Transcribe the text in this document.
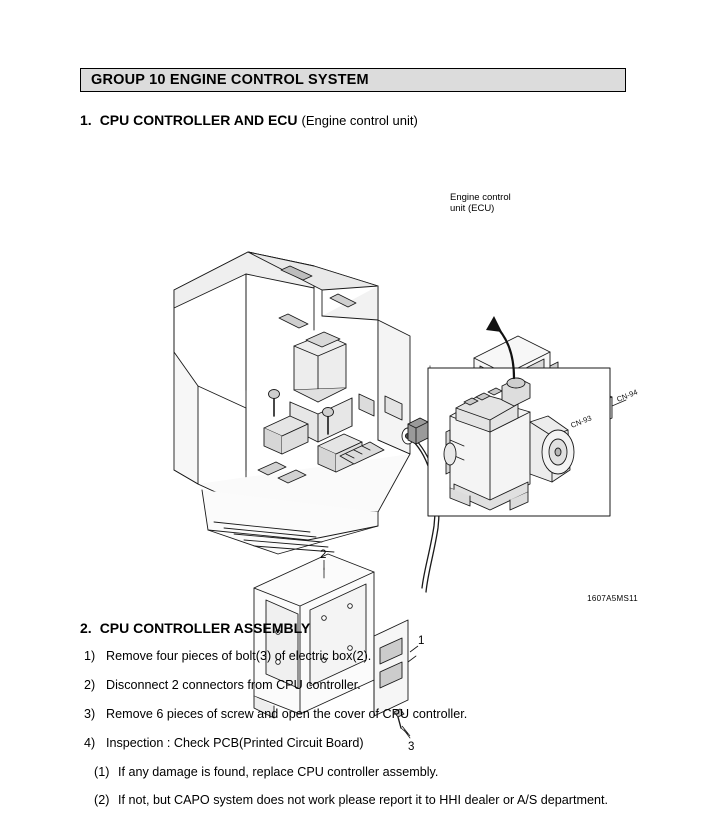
GROUP 10 ENGINE CONTROL SYSTEM
1. CPU CONTROLLER AND ECU (Engine control unit)
CN-93
CN-94
2
1
3
Engine control
unit (ECU)
1607A5MS11
2. CPU CONTROLLER ASSEMBLY
1) Remove four pieces of bolt(3) of electric box(2).
2) Disconnect 2 connectors from CPU controller.
3) Remove 6 pieces of screw and open the cover of CPU controller.
4) Inspection : Check PCB(Printed Circuit Board)
(1) If any damage is found, replace CPU controller assembly.
(2) If not, but CAPO system does not work please report it to HHI dealer or A/S department.
